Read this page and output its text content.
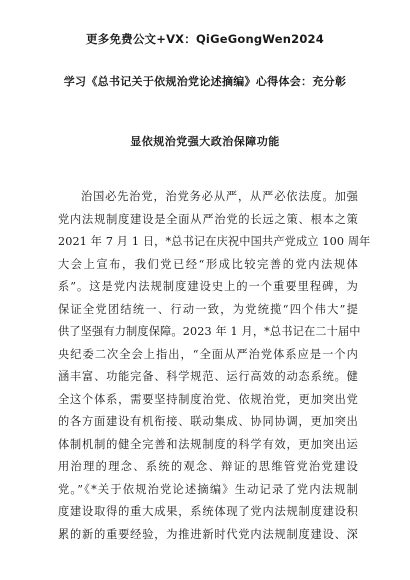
更多免费公文+VX：QiGeGongWen2024
学习《总书记关于依规治党论述摘编》心得体会：充分彰
显依规治党强大政治保障功能
治国必先治党，治党务必从严，从严必依法度。加强
党内法规制度建设是全面从严治党的长远之策、根本之策
2021 年 7 月 1 日，*总书记在庆祝中国共产党成立 100 周年
大会上宣布，我们党已经“形成比较完善的党内法规体
系”。这是党内法规制度建设史上的一个重要里程碑，为
保证全党团结统一、行动一致，为党统揽“四个伟大”提
供了坚强有力制度保障。2023 年 1 月，*总书记在二十届中
央纪委二次全会上指出，“全面从严治党体系应是一个内
涵丰富、功能完备、科学规范、运行高效的动态系统。健
全这个体系，需要坚持制度治党、依规治党，更加突出党
的各方面建设有机衔接、联动集成、协同协调，更加突出
体制机制的健全完善和法规制度的科学有效，更加突出运
用治理的理念、系统的观念、辩证的思维管党治党建设
党。”《*关于依规治党论述摘编》生动记录了党内法规制
度建设取得的重大成果，系统体现了党内法规制度建设积
累的新的重要经验，为推进新时代党内法规制度建设、深
